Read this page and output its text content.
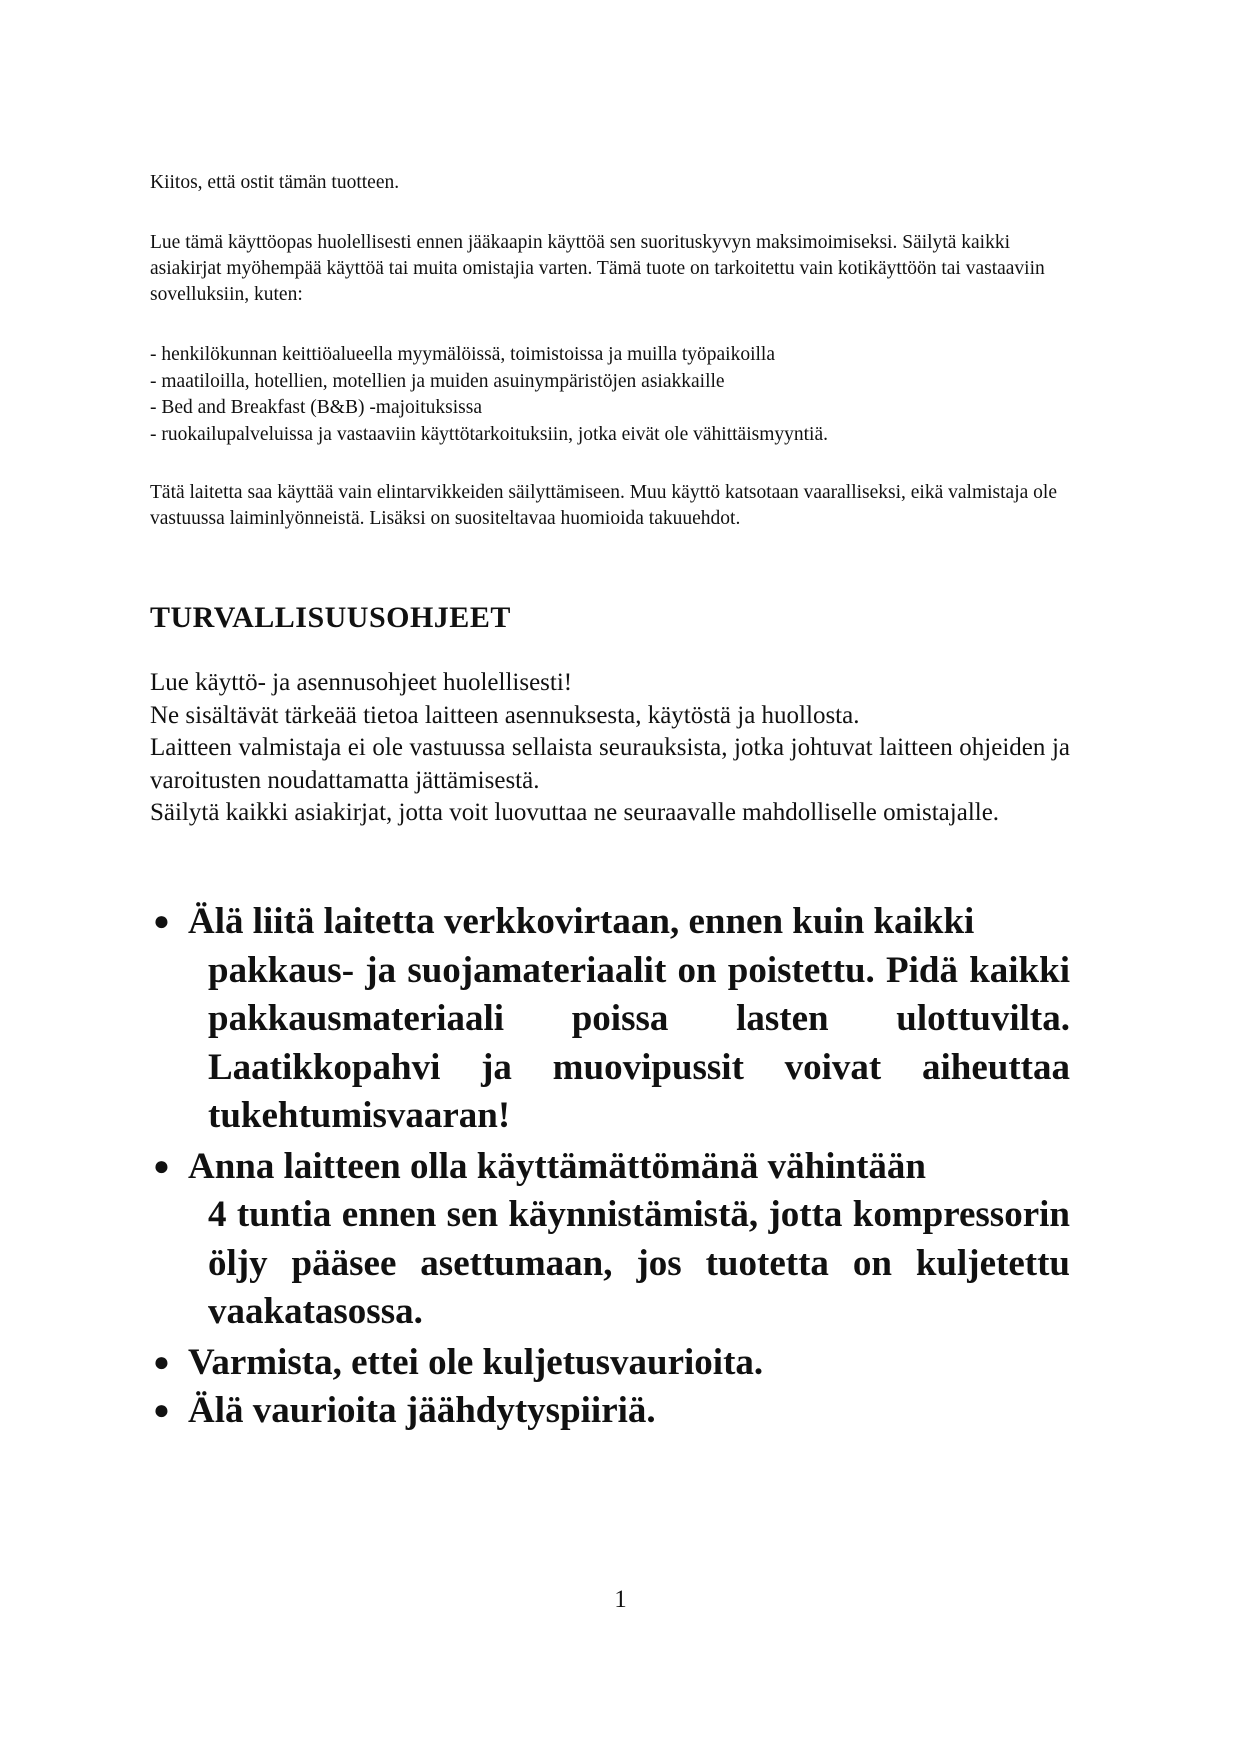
Kiitos, että ostit tämän tuotteen.

Lue tämä käyttöopas huolellisesti ennen jääkaapin käyttöä sen suorituskyvyn maksimoimiseksi. Säilytä kaikki asiakirjat myöhempää käyttöä tai muita omistajia varten. Tämä tuote on tarkoitettu vain kotikäyttöön tai vastaaviin sovelluksiin, kuten:

- henkilökunnan keittiöalueella myymälöissä, toimistoissa ja muilla työpaikoilla
- maatiloilla, hotellien, motellien ja muiden asuinympäristöjen asiakkaille
- Bed and Breakfast (B&B) -majoituksissa
- ruokailupalveluissa ja vastaaviin käyttötarkoituksiin, jotka eivät ole vähittäismyyntiä.

Tätä laitetta saa käyttää vain elintarvikkeiden säilyttämiseen. Muu käyttö katsotaan vaaralliseksi, eikä valmistaja ole vastuussa laiminlyönneistä. Lisäksi on suositeltavaa huomioida takuuehdot.

TURVALLISUUSOHJEET

Lue käyttö- ja asennusohjeet huolellisesti!

Ne sisältävät tärkeää tietoa laitteen asennuksesta, käytöstä ja huollosta.

Laitteen valmistaja ei ole vastuussa sellaista seurauksista, jotka johtuvat laitteen ohjeiden ja varoitusten noudattamatta jättämisestä.

Säilytä kaikki asiakirjat, jotta voit luovuttaa ne seuraavalle mahdolliselle omistajalle.

● Älä liitä laitetta verkkovirtaan, ennen kuin kaikki
pakkaus- ja suojamateriaalit on poistettu. Pidä kaikki pakkausmateriaali poissa lasten ulottuvilta. Laatikkopahvi ja muovipussit voivat aiheuttaa tukehtumisvaaran!
● Anna laitteen olla käyttämättömänä vähintään
4 tuntia ennen sen käynnistämistä, jotta kompressorin öljy pääsee asettumaan, jos tuotetta on kuljetettu vaakatasossa.
● Varmista, ettei ole kuljetusvaurioita.
● Älä vaurioita jäähdytyspiiriä.
1
